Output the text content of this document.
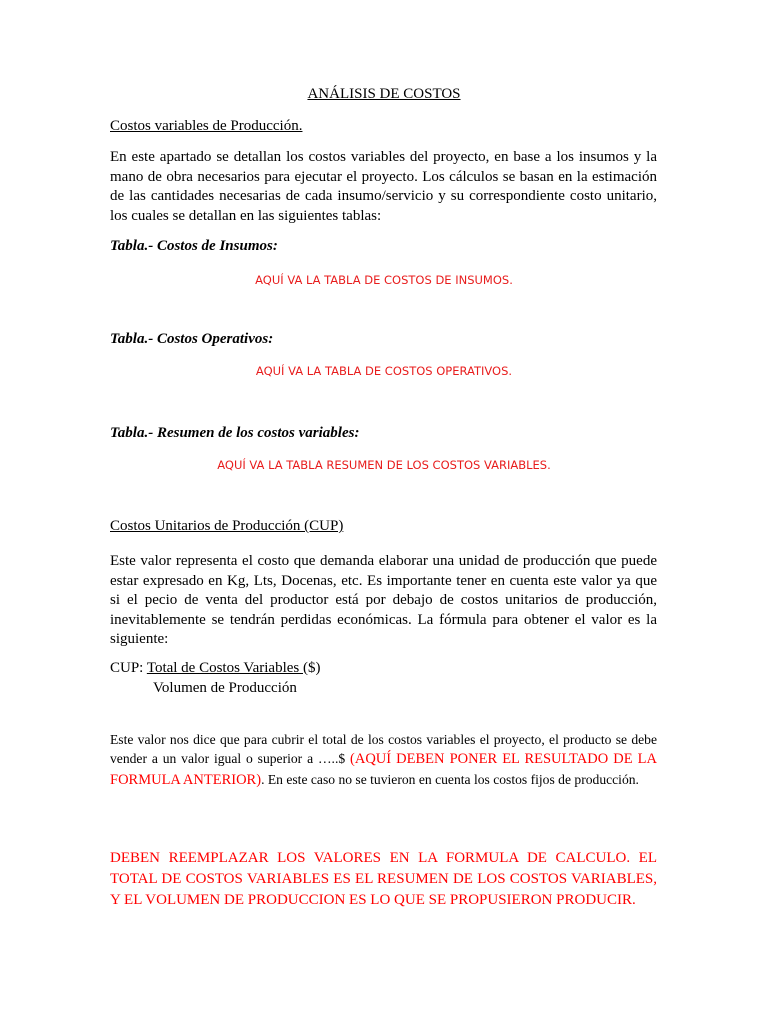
ANÁLISIS DE COSTOS
Costos variables de Producción.
En este apartado se detallan los costos variables del proyecto, en base a los insumos y la mano de obra necesarios para ejecutar el proyecto. Los cálculos se basan en la estimación de las cantidades necesarias de cada insumo/servicio y su correspondiente costo unitario, los cuales se detallan en las siguientes tablas:
Tabla.- Costos de Insumos:
AQUÍ VA LA TABLA DE COSTOS DE INSUMOS.
Tabla.- Costos Operativos:
AQUÍ VA LA TABLA DE COSTOS OPERATIVOS.
Tabla.- Resumen de los costos variables:
AQUÍ VA LA TABLA RESUMEN DE LOS COSTOS VARIABLES.
Costos Unitarios de Producción (CUP)
Este valor representa el costo que demanda elaborar una unidad de producción que puede estar expresado en Kg, Lts, Docenas, etc. Es importante tener en cuenta este valor ya que si el pecio de venta del productor está por debajo de costos unitarios de producción, inevitablemente se tendrán perdidas económicas. La fórmula para obtener el valor es la siguiente:
CUP: Total de Costos Variables ($)
Volumen de Producción
Este valor nos dice que para cubrir el total de los costos variables el proyecto, el producto se debe vender a un valor igual o superior a …..$ (AQUÍ DEBEN PONER EL RESULTADO DE LA FORMULA ANTERIOR). En este caso no se tuvieron en cuenta los costos fijos de producción.
DEBEN REEMPLAZAR LOS VALORES EN LA FORMULA DE CALCULO. EL TOTAL DE COSTOS VARIABLES ES EL RESUMEN DE LOS COSTOS VARIABLES, Y EL VOLUMEN DE PRODUCCION ES LO QUE SE PROPUSIERON PRODUCIR.
